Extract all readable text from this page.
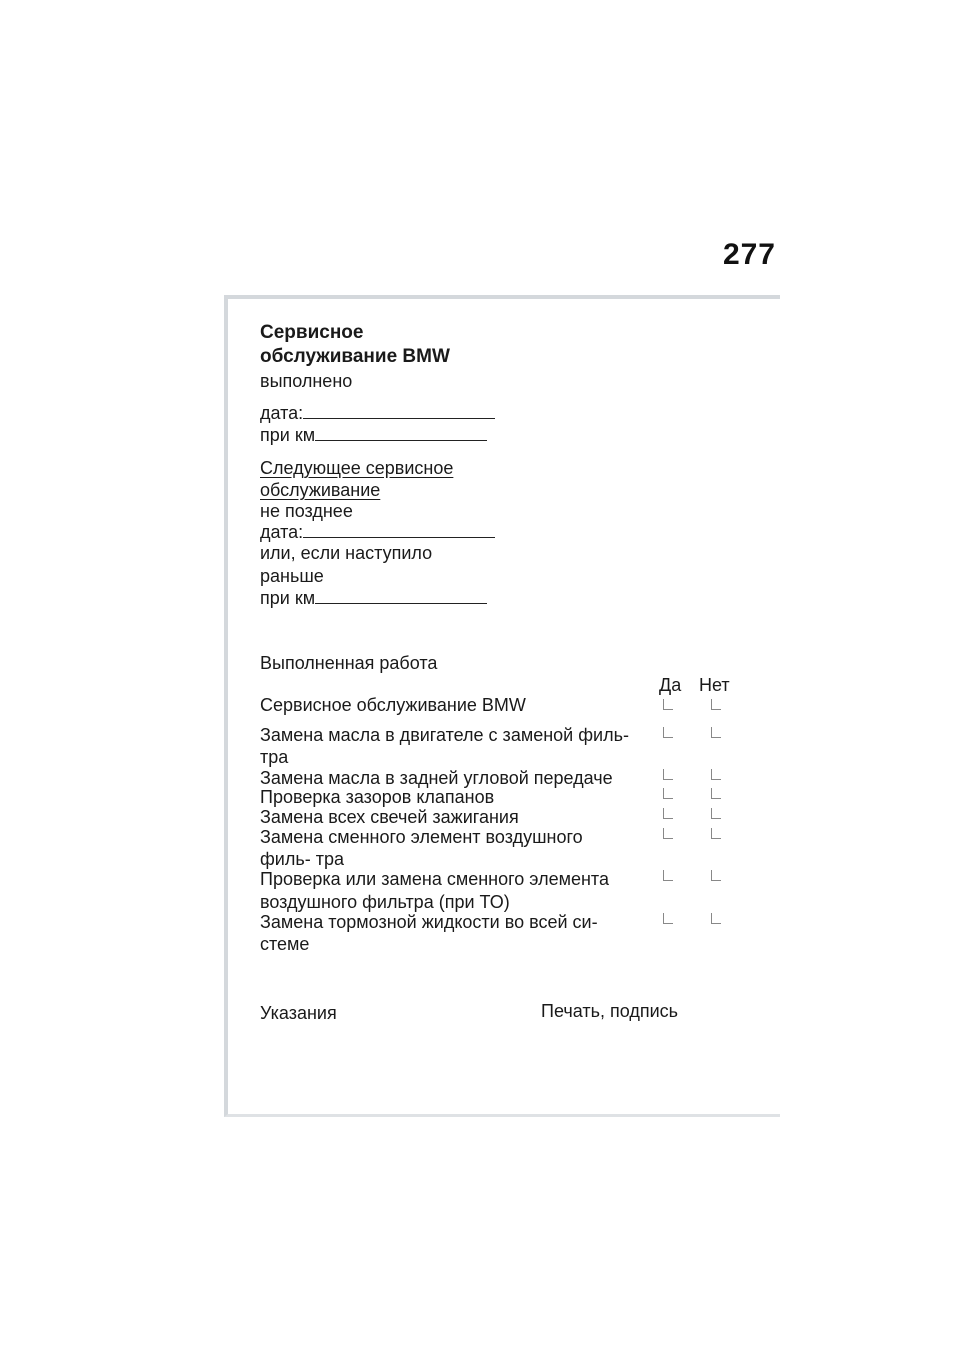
277
Сервисное
обслуживание BMW
выполнено
дата:
при км
Следующее сервисное
обслуживание
не позднее
дата:
или, если наступило
раньше
при км
Выполненная работа
Да Нет
Сервисное обслуживание BMW
Замена масла в двигателе с заменой филь- тра
Замена масла в задней угловой передаче
Проверка зазоров клапанов
Замена всех свечей зажигания
Замена сменного элемент воздушного филь- тра
Проверка или замена сменного элемента воздушного фильтра (при ТО)
Замена тормозной жидкости во всей си- стеме
Указания	Печать, подпись
